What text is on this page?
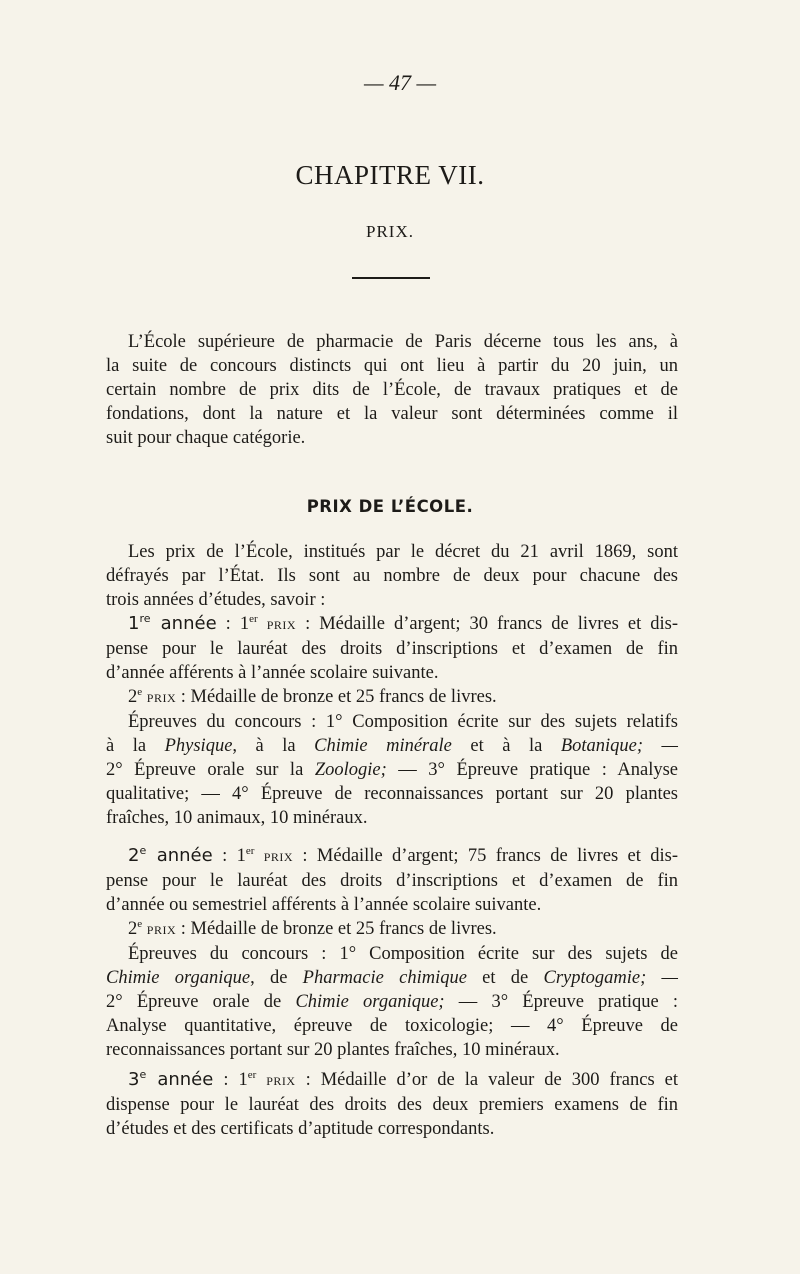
— 47 —
CHAPITRE VII.
PRIX.
L’École supérieure de pharmacie de Paris décerne tous les ans, à
la suite de concours distincts qui ont lieu à partir du 20 juin, un
certain nombre de prix dits de l’École, de travaux pratiques et de
fondations, dont la nature et la valeur sont déterminées comme il
suit pour chaque catégorie.
PRIX DE L’ÉCOLE.
Les prix de l’École, institués par le décret du 21 avril 1869, sont
défrayés par l’État. Ils sont au nombre de deux pour chacune des
trois années d’études, savoir :
1re année : 1er PRIX : Médaille d’argent; 30 francs de livres et dis-
pense pour le lauréat des droits d’inscriptions et d’examen de fin
d’année afférents à l’année scolaire suivante.
2e PRIX : Médaille de bronze et 25 francs de livres.
Épreuves du concours : 1° Composition écrite sur des sujets relatifs
à la Physique, à la Chimie minérale et à la Botanique; —
2° Épreuve orale sur la Zoologie; — 3° Épreuve pratique : Analyse
qualitative; — 4° Épreuve de reconnaissances portant sur 20 plantes
fraîches, 10 animaux, 10 minéraux.
2e année : 1er PRIX : Médaille d’argent; 75 francs de livres et dis-
pense pour le lauréat des droits d’inscriptions et d’examen de fin
d’année ou semestriel afférents à l’année scolaire suivante.
2e PRIX : Médaille de bronze et 25 francs de livres.
Épreuves du concours : 1° Composition écrite sur des sujets de
Chimie organique, de Pharmacie chimique et de Cryptogamie; —
2° Épreuve orale de Chimie organique; — 3° Épreuve pratique :
Analyse quantitative, épreuve de toxicologie; — 4° Épreuve de
reconnaissances portant sur 20 plantes fraîches, 10 minéraux.
3e année : 1er PRIX : Médaille d’or de la valeur de 300 francs et
dispense pour le lauréat des droits des deux premiers examens de fin
d’études et des certificats d’aptitude correspondants.
